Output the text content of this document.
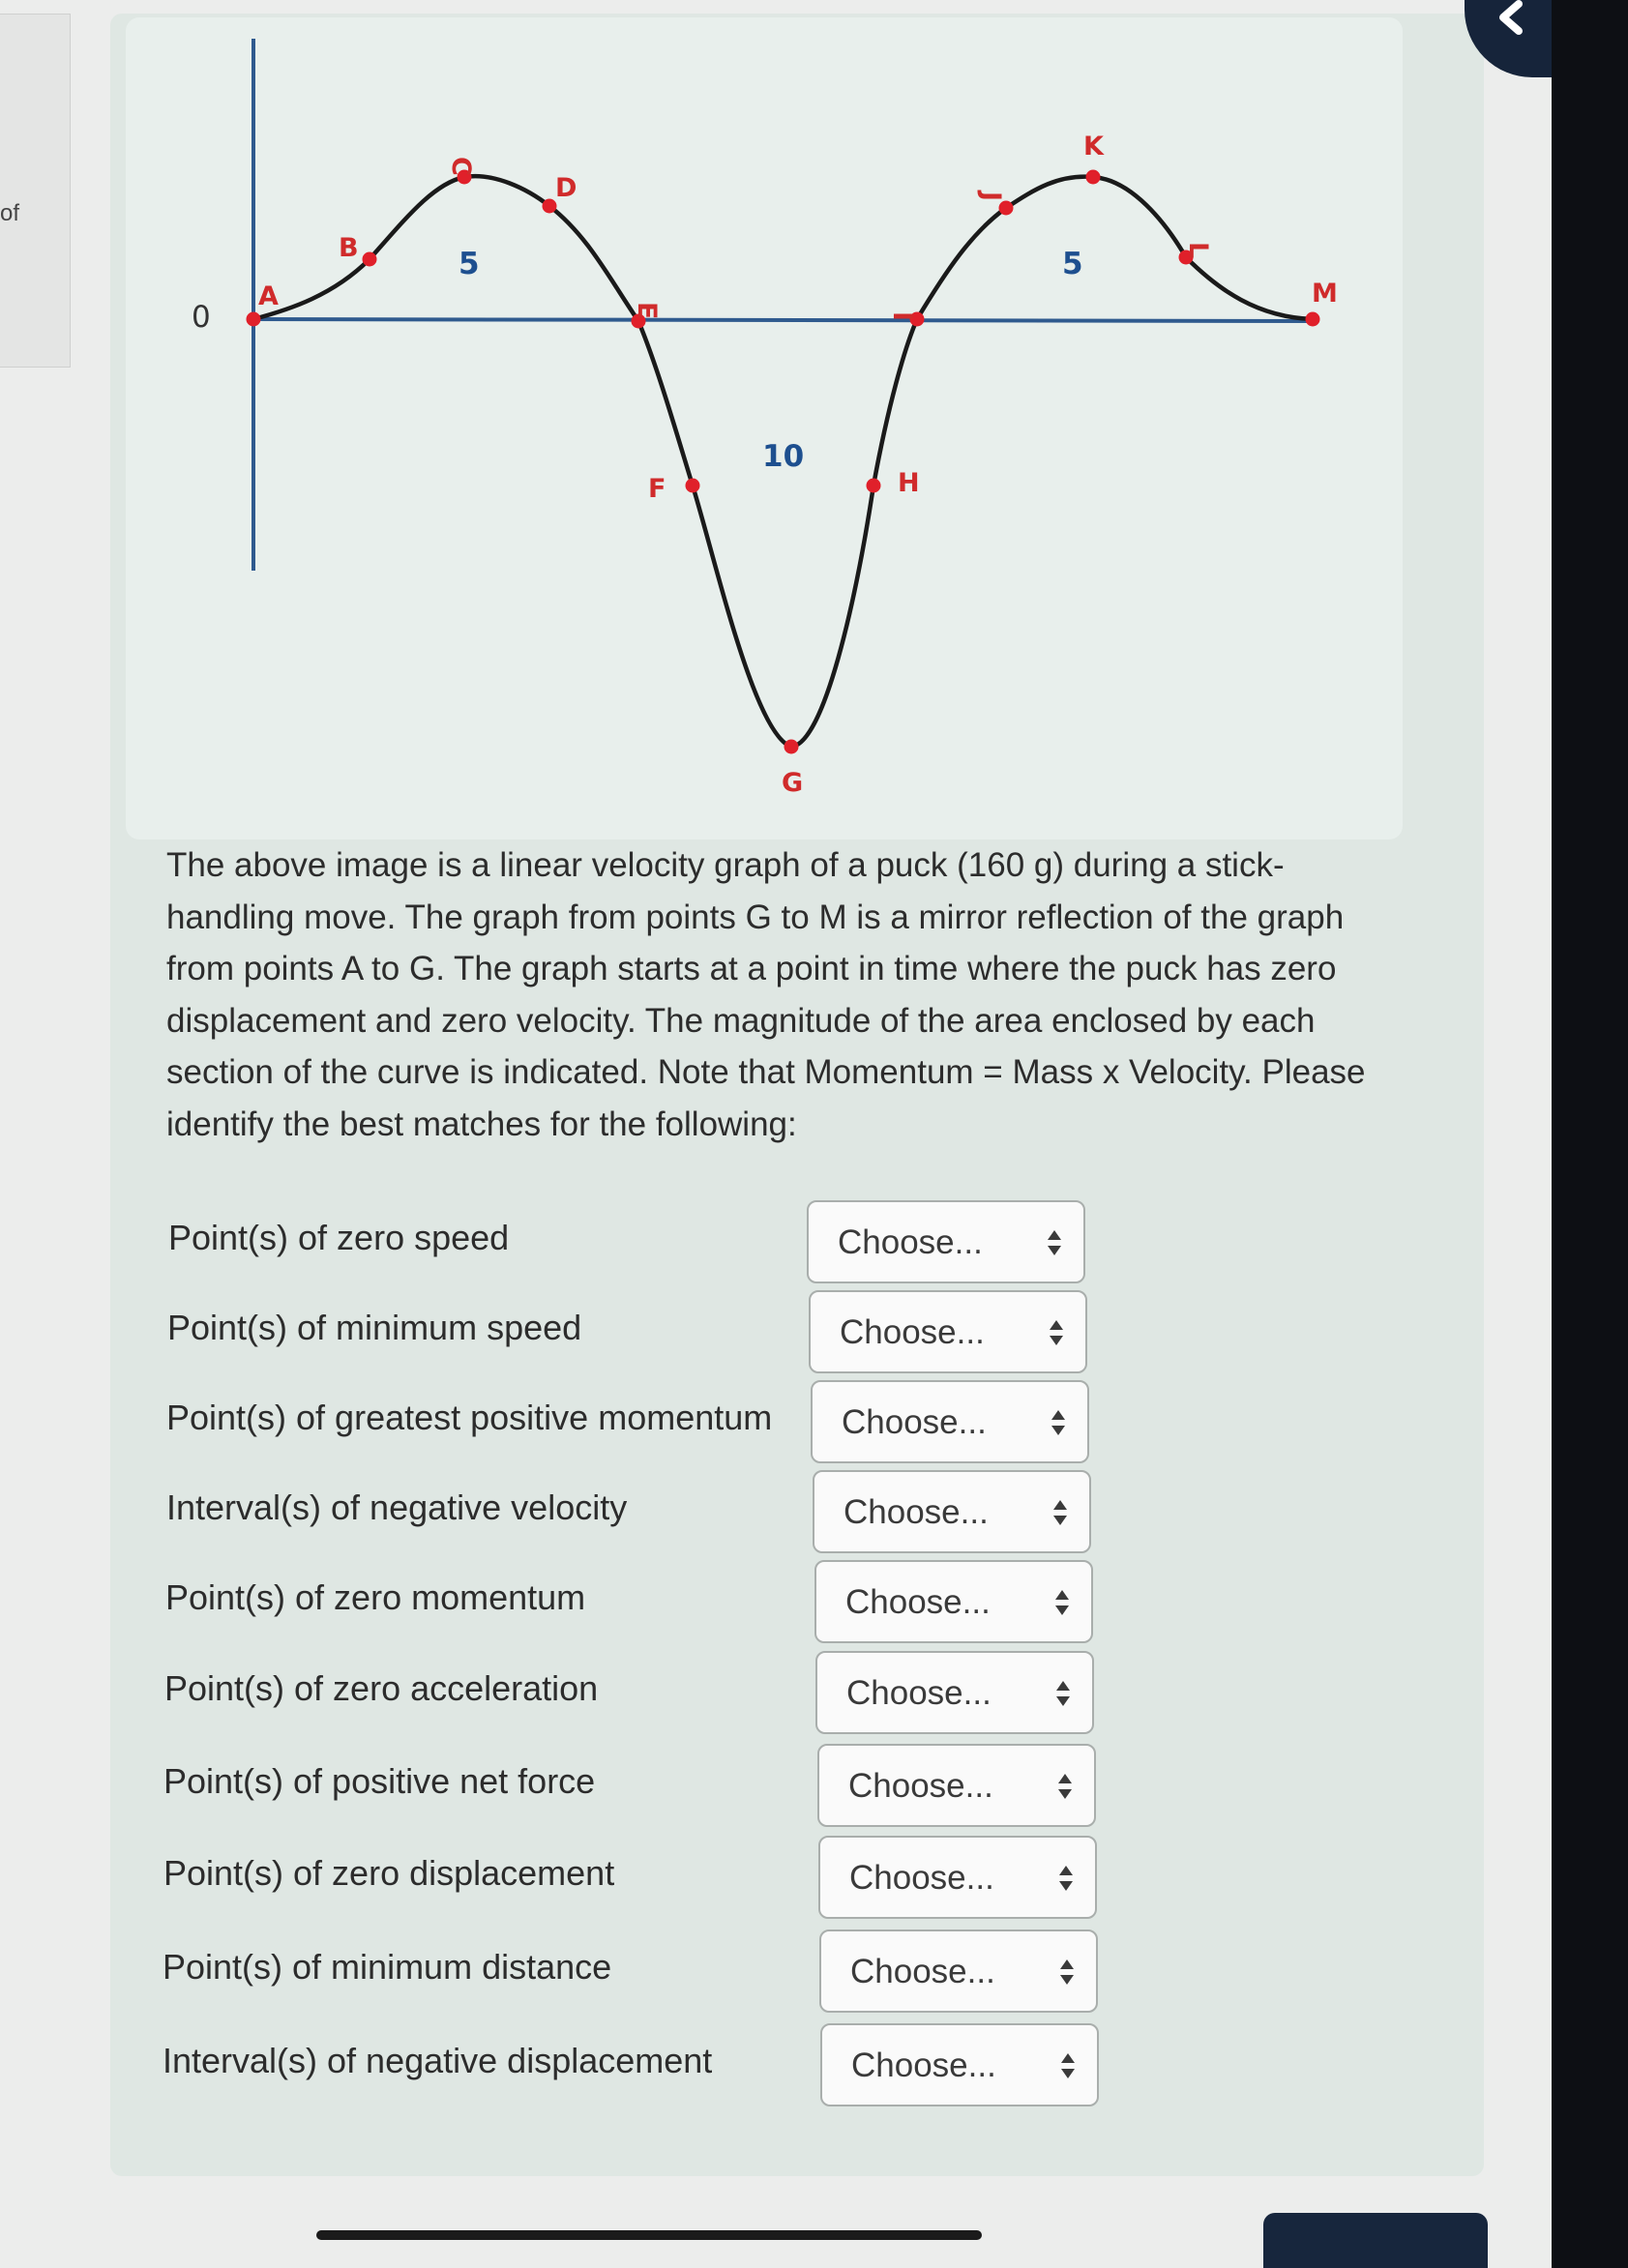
of
0
A
B
C
D
E
F
G
H
I
J
K
L
M
5
10
5

The above image is a linear velocity graph of a puck (160 g) during a stick-handling move. The graph from points G to M is a mirror reflection of the graph from points A to G. The graph starts at a point in time where the puck has zero displacement and zero velocity. The magnitude of the area enclosed by each section of the curve is indicated. Note that Momentum = Mass x Velocity. Please identify the best matches for the following:

Point(s) of zero speed	Choose...
Point(s) of minimum speed	Choose...
Point(s) of greatest positive momentum Choose...
Interval(s) of negative velocity	Choose...
Point(s) of zero momentum	Choose...
Point(s) of zero acceleration	Choose...
Point(s) of positive net force	Choose...
Point(s) of zero displacement	Choose...
Point(s) of minimum distance	Choose...
Interval(s) of negative displacement	Choose...
